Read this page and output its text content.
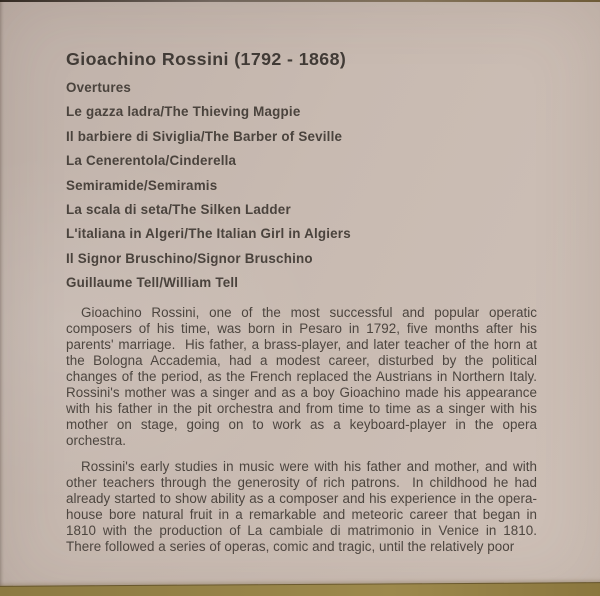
Gioachino Rossini (1792 - 1868)
Overtures
Le gazza ladra/The Thieving Magpie
Il barbiere di Siviglia/The Barber of Seville
La Cenerentola/Cinderella
Semiramide/Semiramis
La scala di seta/The Silken Ladder
L'italiana in Algeri/The Italian Girl in Algiers
Il Signor Bruschino/Signor Bruschino
Guillaume Tell/William Tell

Gioachino Rossini, one of the most successful and popular operatic composers of his time, was born in Pesaro in 1792, five months after his parents' marriage.  His father, a brass-player, and later teacher of the horn at the Bologna Accademia, had a modest career, disturbed by the political changes of the period, as the French replaced the Austrians in Northern Italy. Rossini's mother was a singer and as a boy Gioachino made his appearance with his father in the pit orchestra and from time to time as a singer with his mother on stage, going on to work as a keyboard-player in the opera orchestra.

Rossini's early studies in music were with his father and mother, and with other teachers through the generosity of rich patrons.  In childhood he had already started to show ability as a composer and his experience in the opera-house bore natural fruit in a remarkable and meteoric career that began in 1810 with the production of La cambiale di matrimonio in Venice in 1810. There followed a series of operas, comic and tragic, until the relatively poor
